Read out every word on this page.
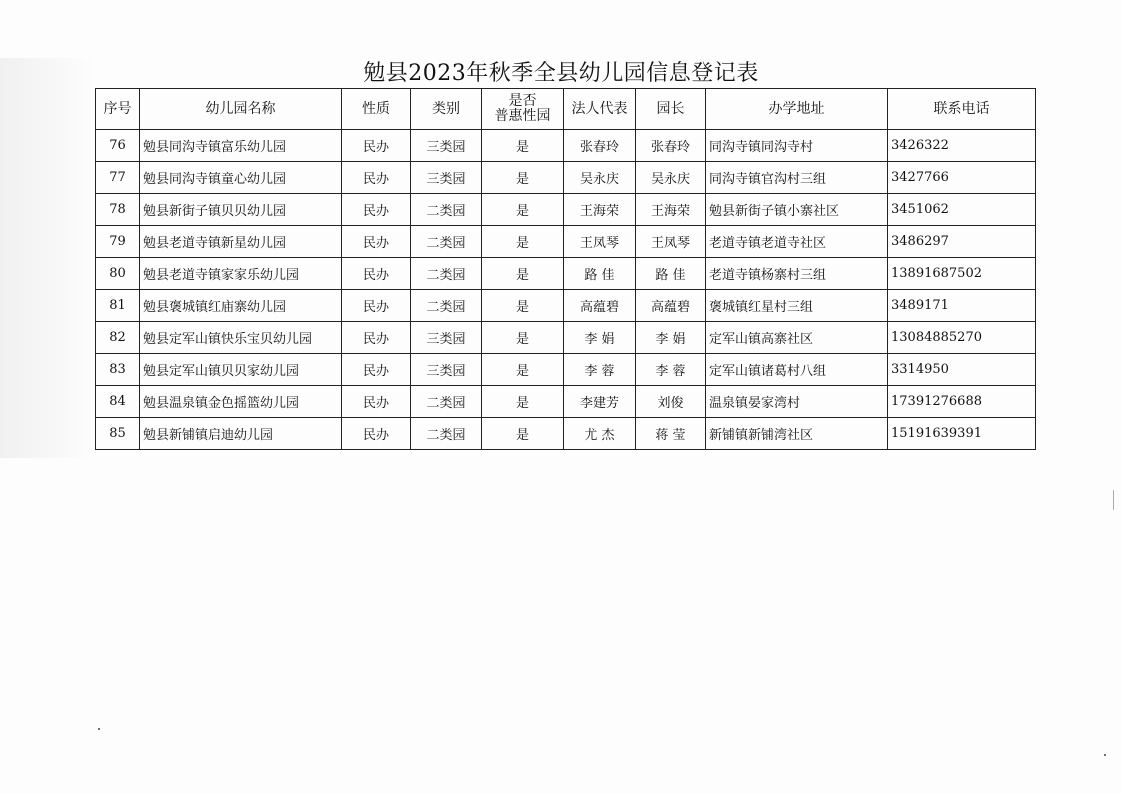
勉县2023年秋季全县幼儿园信息登记表
序号	幼儿园名称	性质	类别	是否
普惠性园	法人代表	园长	办学地址	联系电话
76	勉县同沟寺镇富乐幼儿园	民办	三类园	是	张春玲	张春玲	同沟寺镇同沟寺村	3426322
77	勉县同沟寺镇童心幼儿园	民办	三类园	是	吴永庆	吴永庆	同沟寺镇官沟村三组	3427766
78	勉县新街子镇贝贝幼儿园	民办	二类园	是	王海荣	王海荣	勉县新街子镇小寨社区	3451062
79	勉县老道寺镇新星幼儿园	民办	二类园	是	王凤琴	王凤琴	老道寺镇老道寺社区	3486297
80	勉县老道寺镇家家乐幼儿园	民办	二类园	是	路 佳	路 佳	老道寺镇杨寨村三组	13891687502
81	勉县褒城镇红庙寨幼儿园	民办	二类园	是	高蕴碧	高蕴碧	褒城镇红星村三组	3489171
82	勉县定军山镇快乐宝贝幼儿园	民办	三类园	是	李 娟	李 娟	定军山镇高寨社区	13084885270
83	勉县定军山镇贝贝家幼儿园	民办	三类园	是	李 蓉	李 蓉	定军山镇诸葛村八组	3314950
84	勉县温泉镇金色摇篮幼儿园	民办	二类园	是	李建芳	刘俊	温泉镇晏家湾村	17391276688
85	勉县新铺镇启迪幼儿园	民办	二类园	是	尤 杰	蒋 莹	新铺镇新铺湾社区	15191639391
